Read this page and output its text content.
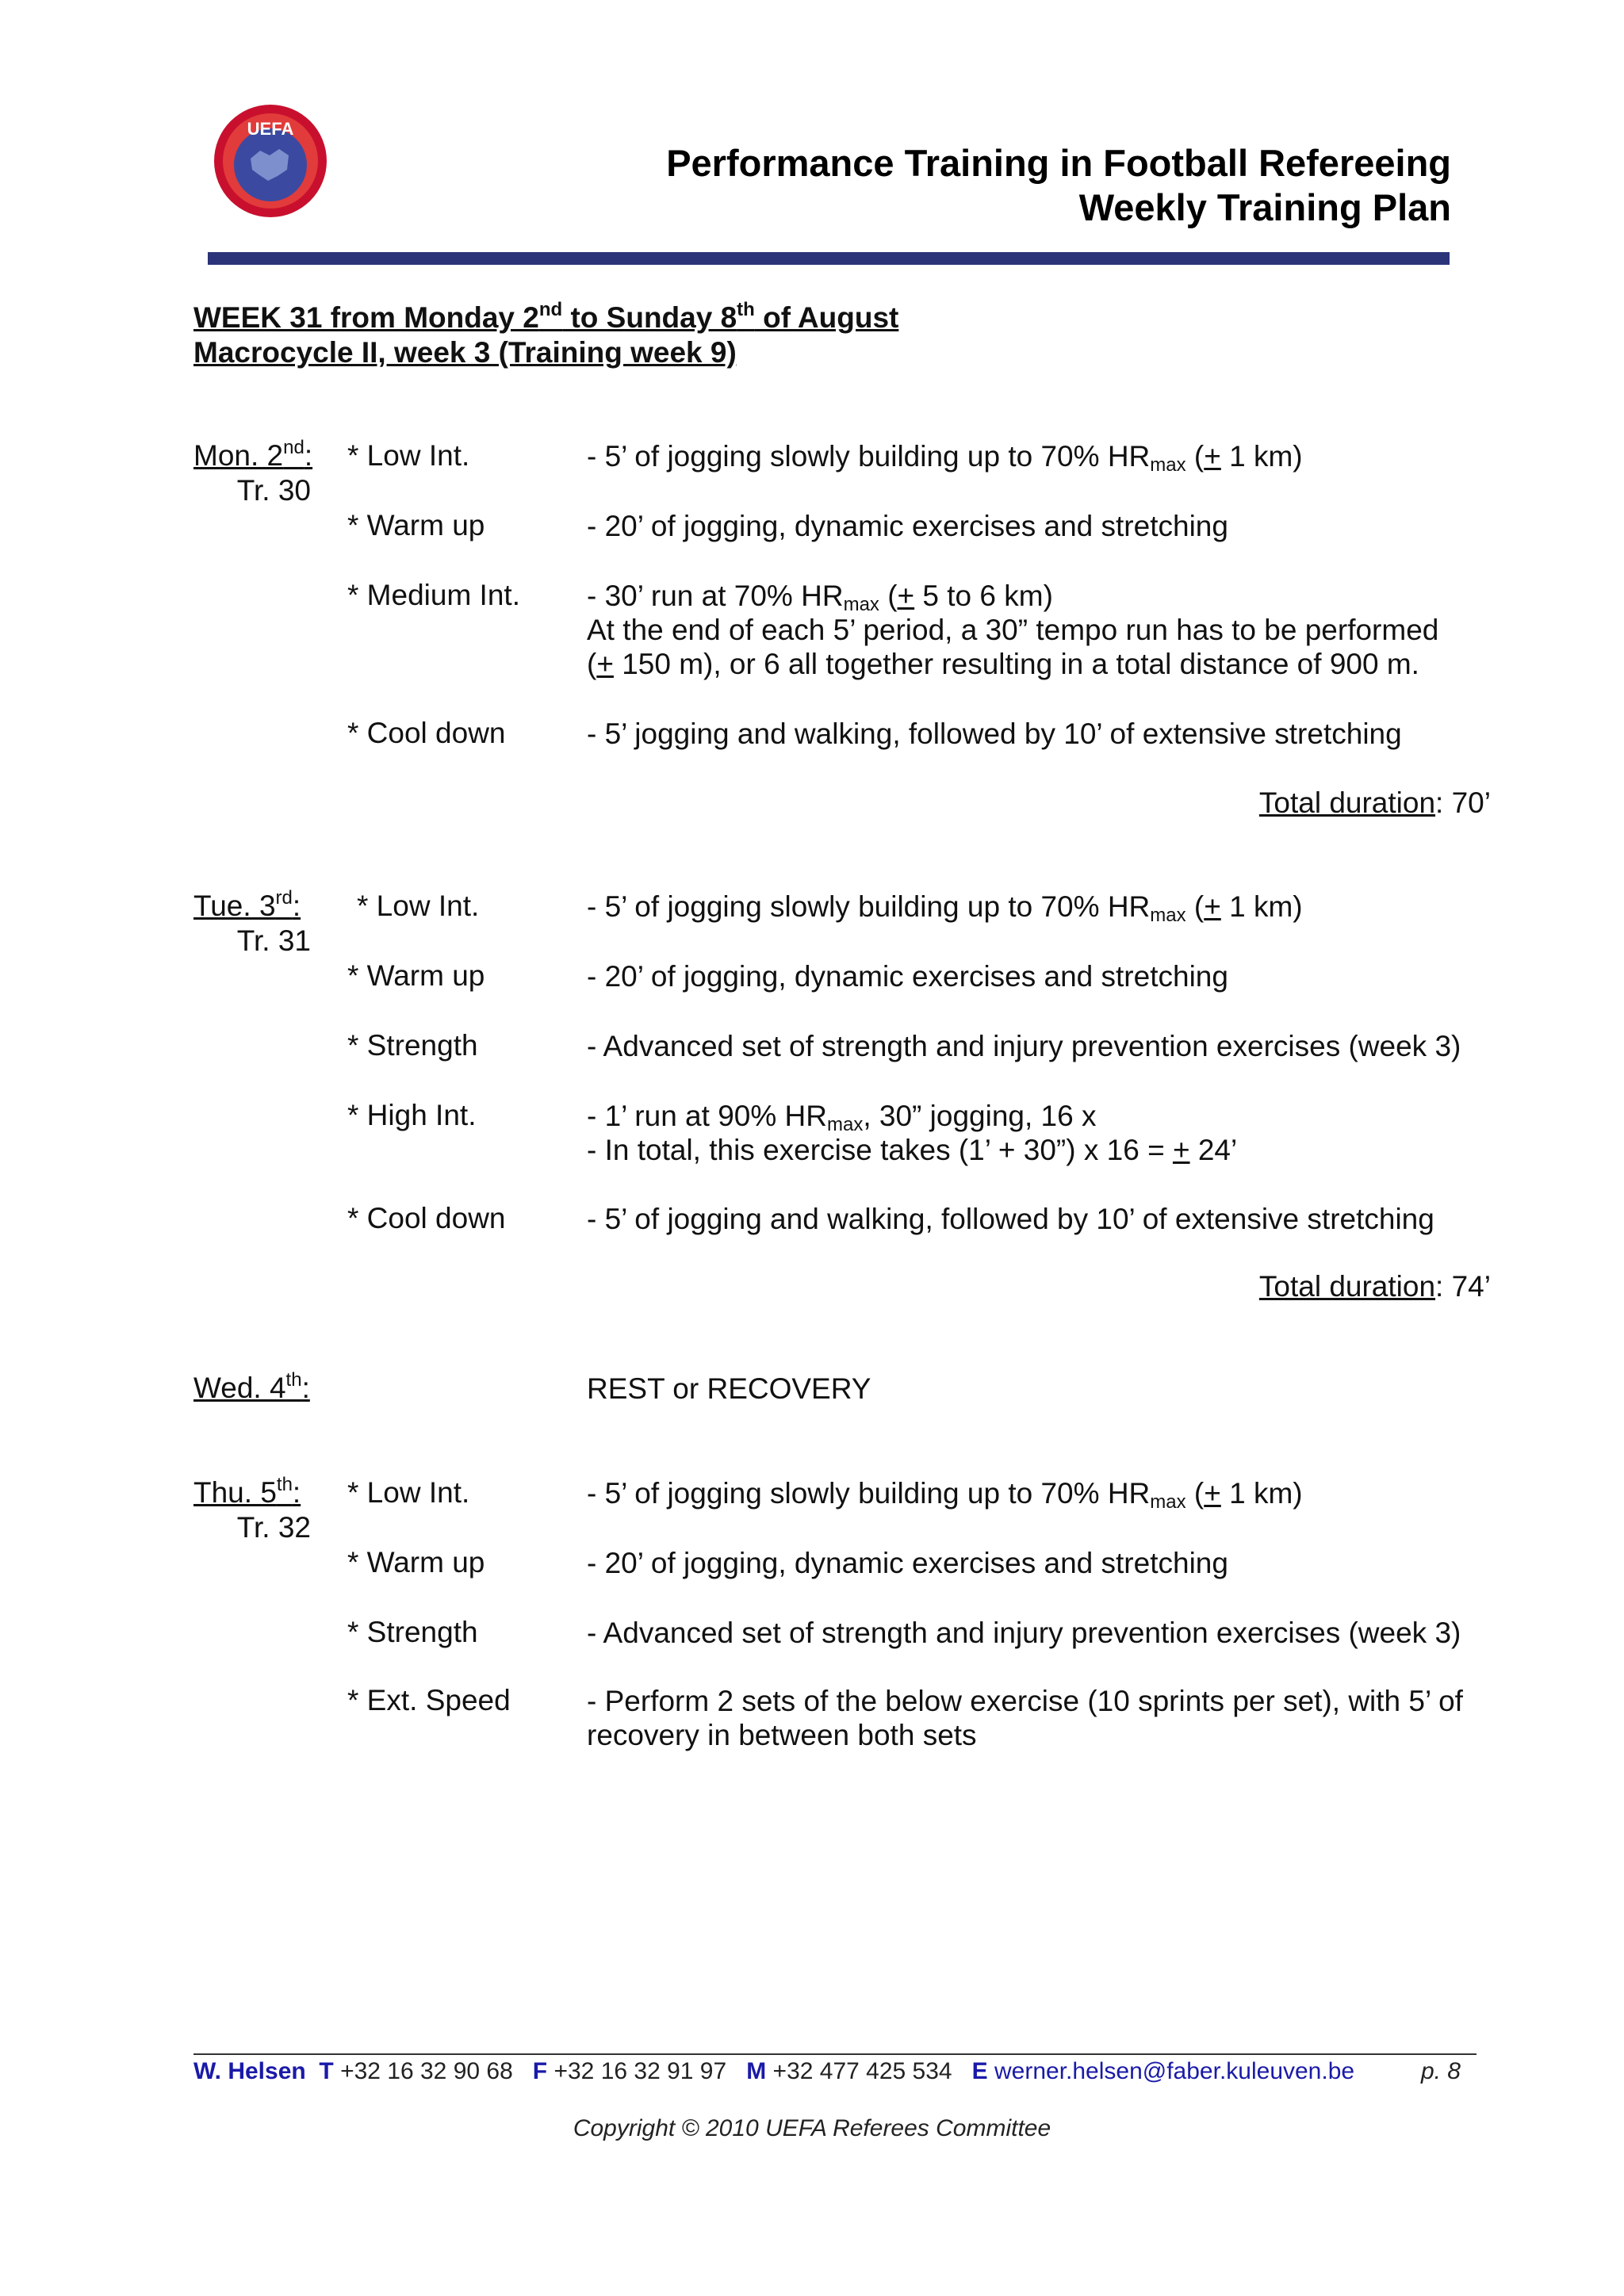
UEFA
Performance Training in Football Refereeing
Weekly Training Plan
WEEK 31 from Monday 2nd to Sunday 8th of August
Macrocycle II, week 3 (Training week 9)
Mon. 2nd:
Tr. 30
* Low Int.	- 5’ of jogging slowly building up to 70% $HR_{max}$ (+ 1 km)
* Warm up	- 20’ of jogging, dynamic exercises and stretching
* Medium Int. - 30’ run at 70% $HR_{max}$ (+ 5 to 6 km)
At the end of each 5’ period, a 30” tempo run has to be performed
(+ 150 m), or 6 all together resulting in a total distance of 900 m.
* Cool down	- 5’ jogging and walking, followed by 10’ of extensive stretching
Total duration: 70’
Tue. 3rd:
Tr. 31
* Low Int.	- 5’ of jogging slowly building up to 70% $HR_{max}$ (+ 1 km)
* Warm up	- 20’ of jogging, dynamic exercises and stretching
* Strength	- Advanced set of strength and injury prevention exercises (week 3)
* High Int.	- 1’ run at 90% $HR_{max}$, 30” jogging, 16 x
- In total, this exercise takes (1’ + 30”) x 16 = + 24’
* Cool down	- 5’ of jogging and walking, followed by 10’ of extensive stretching
Total duration: 74’
Wed. 4th:	REST or RECOVERY
Thu. 5th:
Tr. 32
* Low Int.	- 5’ of jogging slowly building up to 70% $HR_{max}$ (+ 1 km)
* Warm up	- 20’ of jogging, dynamic exercises and stretching
* Strength	- Advanced set of strength and injury prevention exercises (week 3)
* Ext. Speed	- Perform 2 sets of the below exercise (10 sprints per set), with 5’ of
recovery in between both sets
W. Helsen T +32 16 32 90 68 F +32 16 32 91 97 M +32 477 425 534 E werner.helsen@faber.kuleuven.be	p. 8
Copyright © 2010 UEFA Referees Committee
